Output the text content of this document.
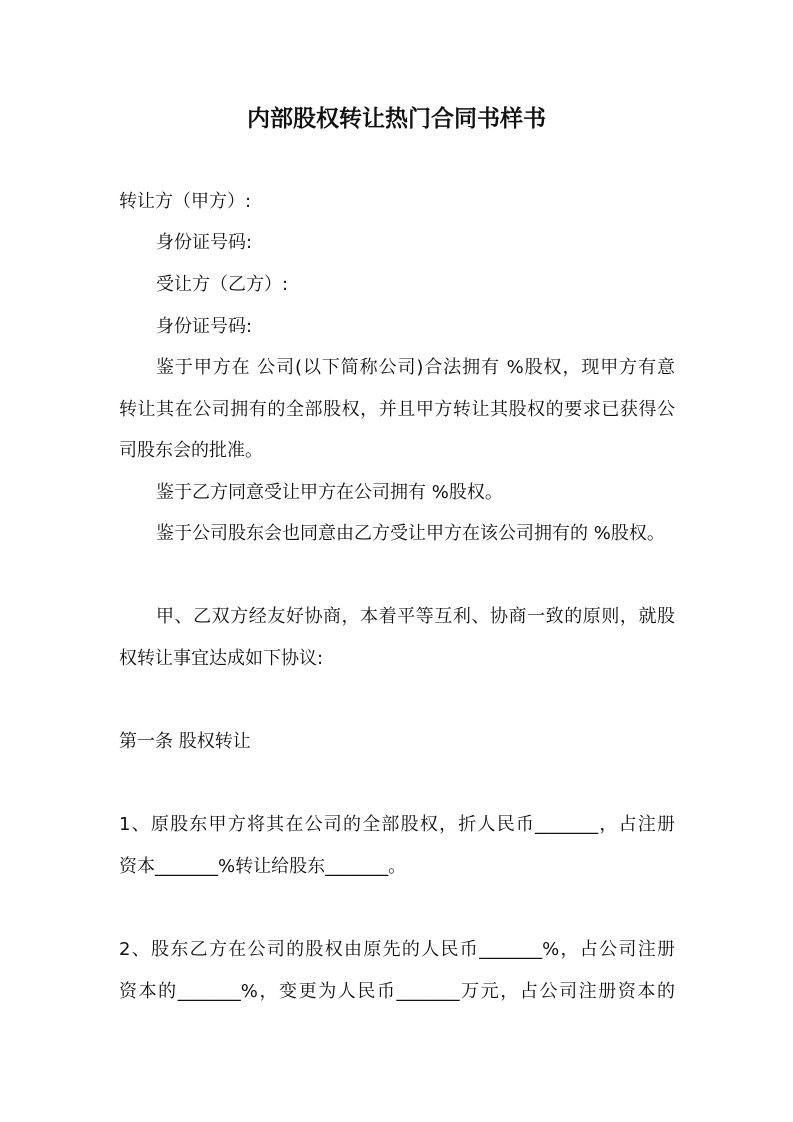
内部股权转让热门合同书样书
转让方（甲方）:
身份证号码:
受让方（乙方）:
身份证号码:
鉴于甲方在 公司(以下简称公司)合法拥有 %股权，现甲方有意
转让其在公司拥有的全部股权，并且甲方转让其股权的要求已获得公
司股东会的批准。
鉴于乙方同意受让甲方在公司拥有 %股权。
鉴于公司股东会也同意由乙方受让甲方在该公司拥有的 %股权。
甲、乙双方经友好协商，本着平等互利、协商一致的原则，就股
权转让事宜达成如下协议:
第一条 股权转让
1、原股东甲方将其在公司的全部股权，折人民币_______，占注册
资本_______%转让给股东_______。
2、股东乙方在公司的股权由原先的人民币_______%，占公司注册
资本的_______%，变更为人民币_______万元，占公司注册资本的
